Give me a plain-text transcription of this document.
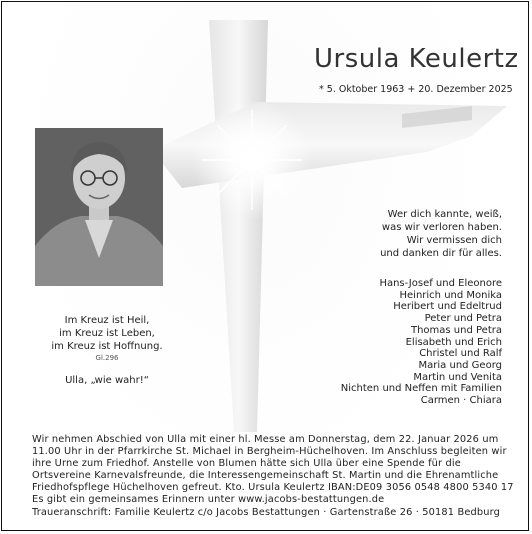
Ursula Keulertz
* 5. Oktober 1963 + 20. Dezember 2025
Im Kreuz ist Heil,
im Kreuz ist Leben,
im Kreuz ist Hoffnung.
Gl.296
Ulla, „wie wahr!“
Wer dich kannte, weiß,
was wir verloren haben.
Wir vermissen dich
und danken dir für alles.
Hans-Josef und Eleonore
Heinrich und Monika
Heribert und Edeltrud
Peter und Petra
Thomas und Petra
Elisabeth und Erich
Christel und Ralf
Maria und Georg
Martin und Venita
Nichten und Neffen mit Familien
Carmen · Chiara
Wir nehmen Abschied von Ulla mit einer hl. Messe am Donnerstag, dem 22. Januar 2026 um
11.00 Uhr in der Pfarrkirche St. Michael in Bergheim-Hüchelhoven. Im Anschluss begleiten wir
ihre Urne zum Friedhof. Anstelle von Blumen hätte sich Ulla über eine Spende für die
Ortsvereine Karnevalsfreunde, die Interessengemeinschaft St. Martin und die Ehrenamtliche
Friedhofspflege Hüchelhoven gefreut. Kto. Ursula Keulertz IBAN:DE09 3056 0548 4800 5340 17
Es gibt ein gemeinsames Erinnern unter www.jacobs-bestattungen.de
Traueranschrift: Familie Keulertz c/o Jacobs Bestattungen · Gartenstraße 26 · 50181 Bedburg
